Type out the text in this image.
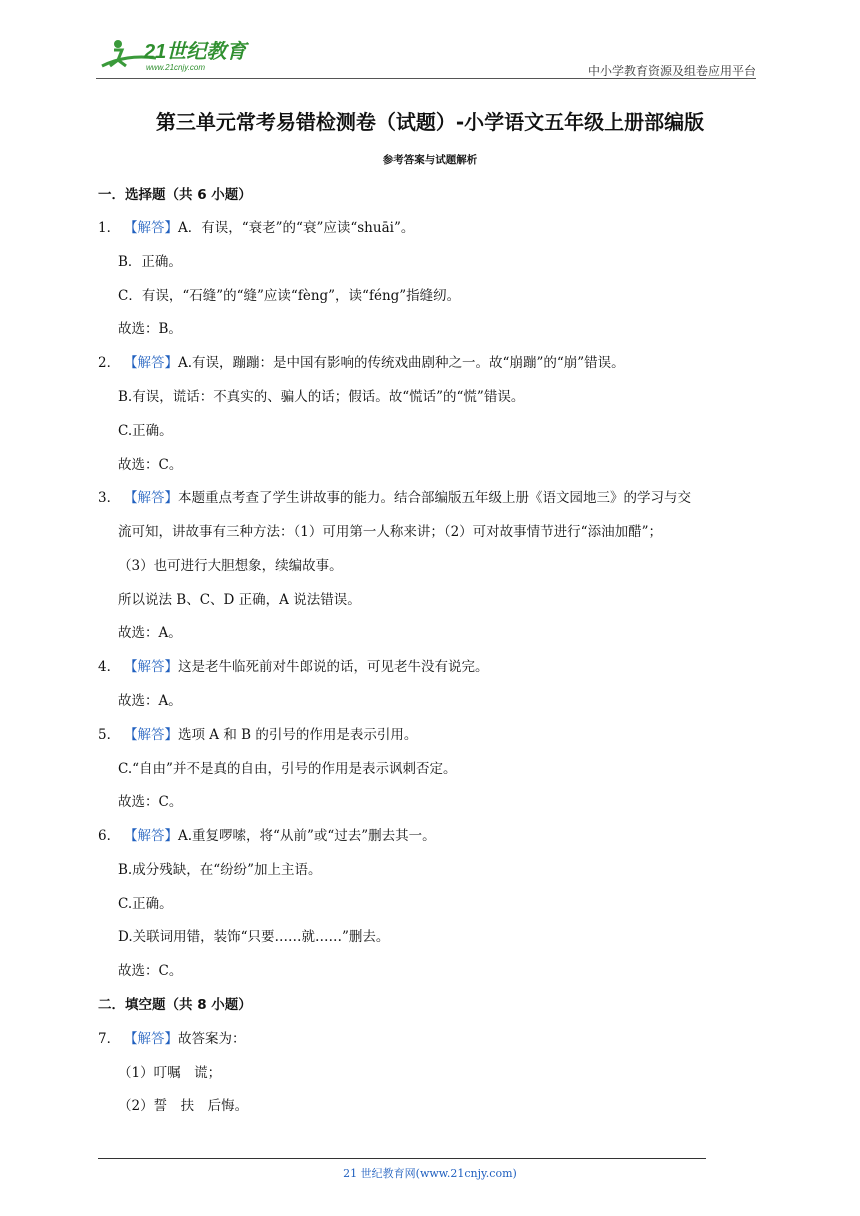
21世纪教育
www.21cnjy.com	中小学教育资源及组卷应用平台
第三单元常考易错检测卷（试题）-小学语文五年级上册部编版
参考答案与试题解析
一．选择题（共 6 小题）
1． 【解答】A．有误，“衰老”的“衰”应读“shuāi”。
B．正确。
C．有误，“石缝”的“缝”应读“fèng”，读“féng”指缝纫。
故选：B。
2． 【解答】A.有误，蹦蹦：是中国有影响的传统戏曲剧种之一。故“崩蹦”的“崩”错误。
B.有误，谎话：不真实的、骗人的话；假话。故“慌话”的“慌”错误。
C.正确。
故选：C。
3． 【解答】本题重点考查了学生讲故事的能力。结合部编版五年级上册《语文园地三》的学习与交
流可知，讲故事有三种方法：（1）可用第一人称来讲；（2）可对故事情节进行“添油加醋”；
（3）也可进行大胆想象，续编故事。
所以说法 B、C、D 正确，A 说法错误。
故选：A。
4． 【解答】这是老牛临死前对牛郎说的话，可见老牛没有说完。
故选：A。
5． 【解答】选项 A 和 B 的引号的作用是表示引用。
C.“自由”并不是真的自由，引号的作用是表示讽刺否定。
故选：C。
6． 【解答】A.重复啰嗦，将“从前”或“过去”删去其一。
B.成分残缺，在“纷纷”加上主语。
C.正确。
D.关联词用错，装饰“只要……就……”删去。
故选：C。
二．填空题（共 8 小题）
7． 【解答】故答案为：
（1）叮嘱　谎；
（2）誓　扶　后悔。
21 世纪教育网(www.21cnjy.com)
